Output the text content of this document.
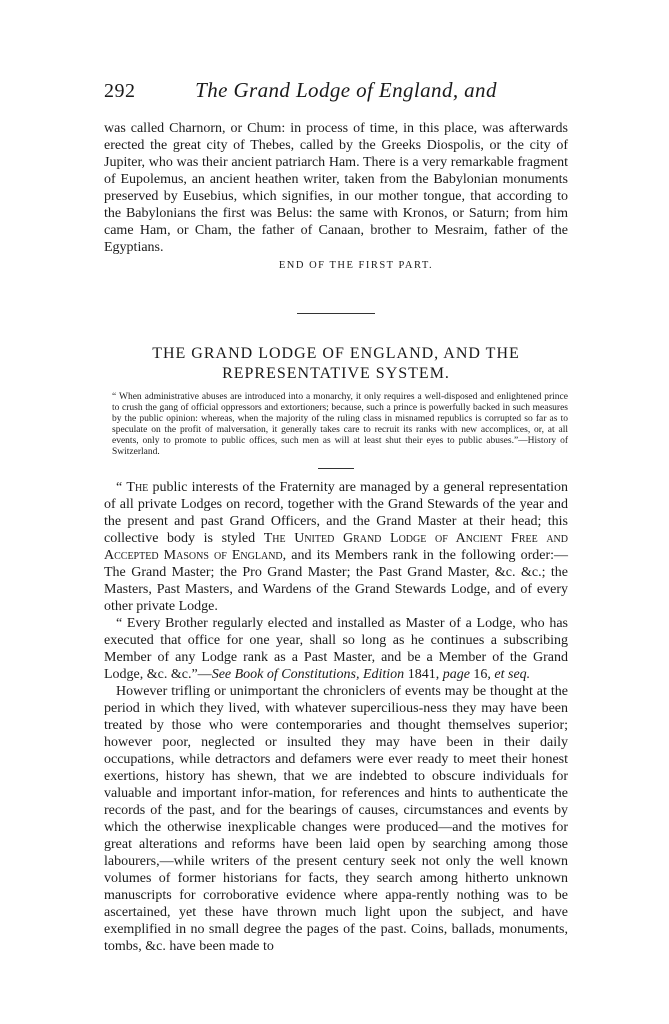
292	The Grand Lodge of England, and

was called Charnorn, or Chum: in process of time, in this place, was afterwards erected the great city of Thebes, called by the Greeks Diospolis, or the city of Jupiter, who was their ancient patriarch Ham. There is a very remarkable fragment of Eupolemus, an ancient heathen writer, taken from the Babylonian monuments preserved by Eusebius, which signifies, in our mother tongue, that according to the Babylonians the first was Belus: the same with Kronos, or Saturn; from him came Ham, or Cham, the father of Canaan, brother to Mesraim, father of the Egyptians.

END OF THE FIRST PART.

THE GRAND LODGE OF ENGLAND, AND THE
REPRESENTATIVE SYSTEM.

“ When administrative abuses are introduced into a monarchy, it only requires a well-disposed and enlightened prince to crush the gang of official oppressors and extortioners; because, such a prince is powerfully backed in such measures by the public opinion: whereas, when the majority of the ruling class in misnamed republics is corrupted so far as to speculate on the profit of malversation, it generally takes care to recruit its ranks with new accomplices, or, at all events, only to promote to public offices, such men as will at least shut their eyes to public abuses.”—History of Switzerland.

“ The public interests of the Fraternity are managed by a general representation of all private Lodges on record, together with the Grand Stewards of the year and the present and past Grand Officers, and the Grand Master at their head; this collective body is styled The United Grand Lodge of Ancient Free and Accepted Masons of England, and its Members rank in the following order:—The Grand Master; the Pro Grand Master; the Past Grand Master, &c. &c.; the Masters, Past Masters, and Wardens of the Grand Stewards Lodge, and of every other private Lodge.

“ Every Brother regularly elected and installed as Master of a Lodge, who has executed that office for one year, shall so long as he continues a subscribing Member of any Lodge rank as a Past Master, and be a Member of the Grand Lodge, &c. &c.”—See Book of Constitutions, Edition 1841, page 16, et seq.

However trifling or unimportant the chroniclers of events may be thought at the period in which they lived, with whatever supercilious-ness they may have been treated by those who were contemporaries and thought themselves superior; however poor, neglected or insulted they may have been in their daily occupations, while detractors and defamers were ever ready to meet their honest exertions, history has shewn, that we are indebted to obscure individuals for valuable and important infor-mation, for references and hints to authenticate the records of the past, and for the bearings of causes, circumstances and events by which the otherwise inexplicable changes were produced—and the motives for great alterations and reforms have been laid open by searching among those labourers,—while writers of the present century seek not only the well known volumes of former historians for facts, they search among hitherto unknown manuscripts for corroborative evidence where appa-rently nothing was to be ascertained, yet these have thrown much light upon the subject, and have exemplified in no small degree the pages of the past. Coins, ballads, monuments, tombs, &c. have been made to
